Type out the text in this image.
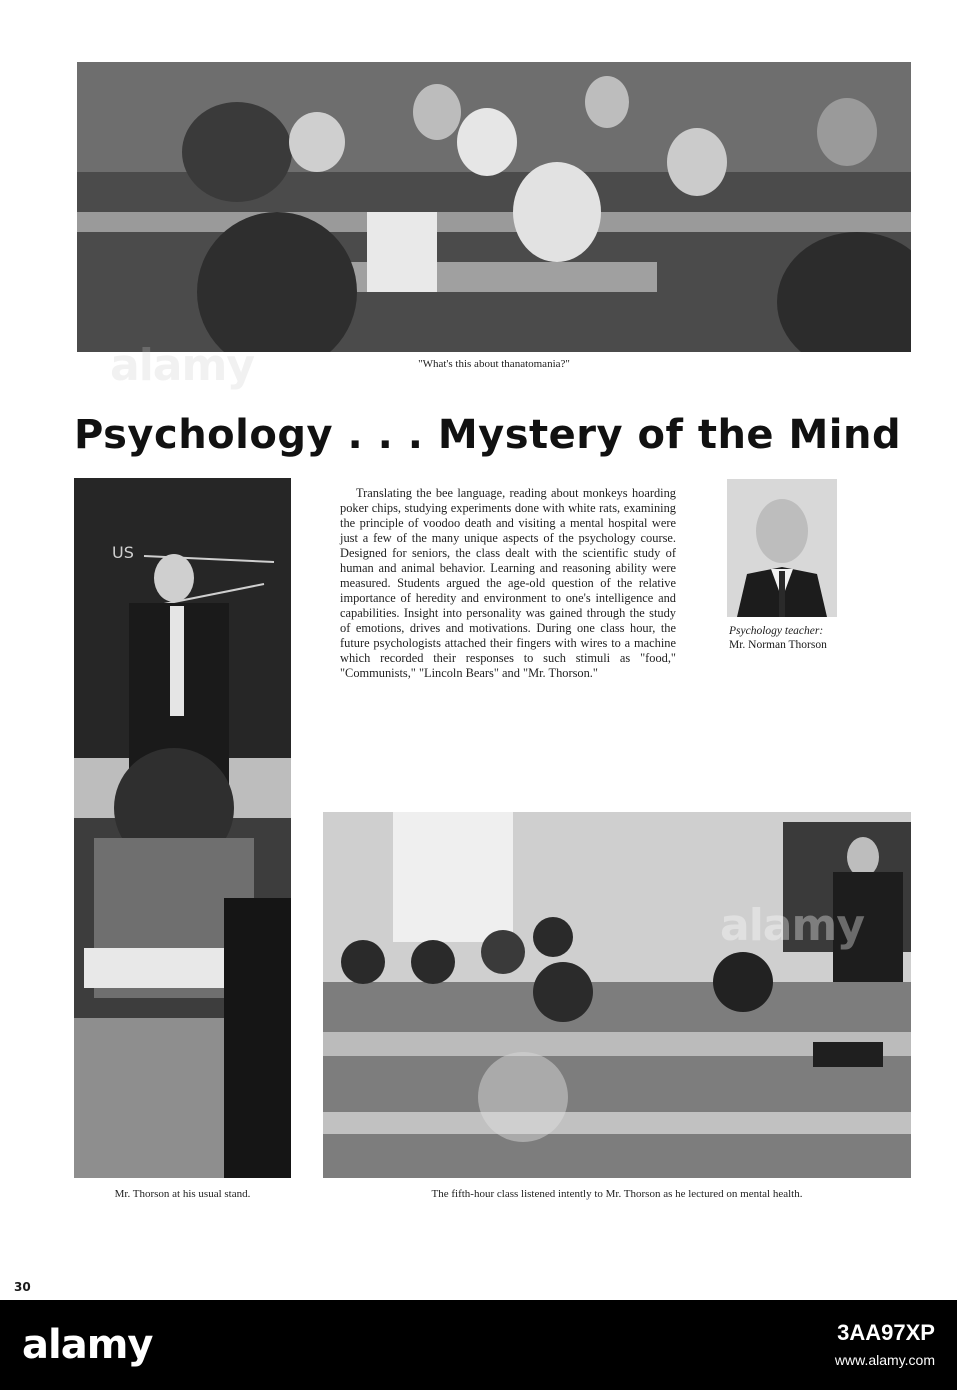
"What's this about thanatomania?"
Psychology . . . Mystery of the Mind
US
Mr. Thorson at his usual stand.

Translating the bee language, reading about monkeys hoarding poker chips, studying experiments done with white rats, examining the principle of voodoo death and visiting a mental hospital were just a few of the many unique aspects of the psychology course. Designed for seniors, the class dealt with the scientific study of human and animal behavior. Learning and reasoning ability were measured. Students argued the age-old question of the relative importance of heredity and environment to one's intelligence and capabilities. Insight into personality was gained through the study of emotions, drives and motivations. During one class hour, the future psychologists attached their fingers with wires to a machine which recorded their responses to such stimuli as "food," "Communists," "Lincoln Bears" and "Mr. Thorson."

Psychology teacher:
Mr. Norman Thorson
The fifth-hour class listened intently to Mr. Thorson as he lectured on mental health.
30
alamy
alamy
alamy	3AA97XP
www.alamy.com
